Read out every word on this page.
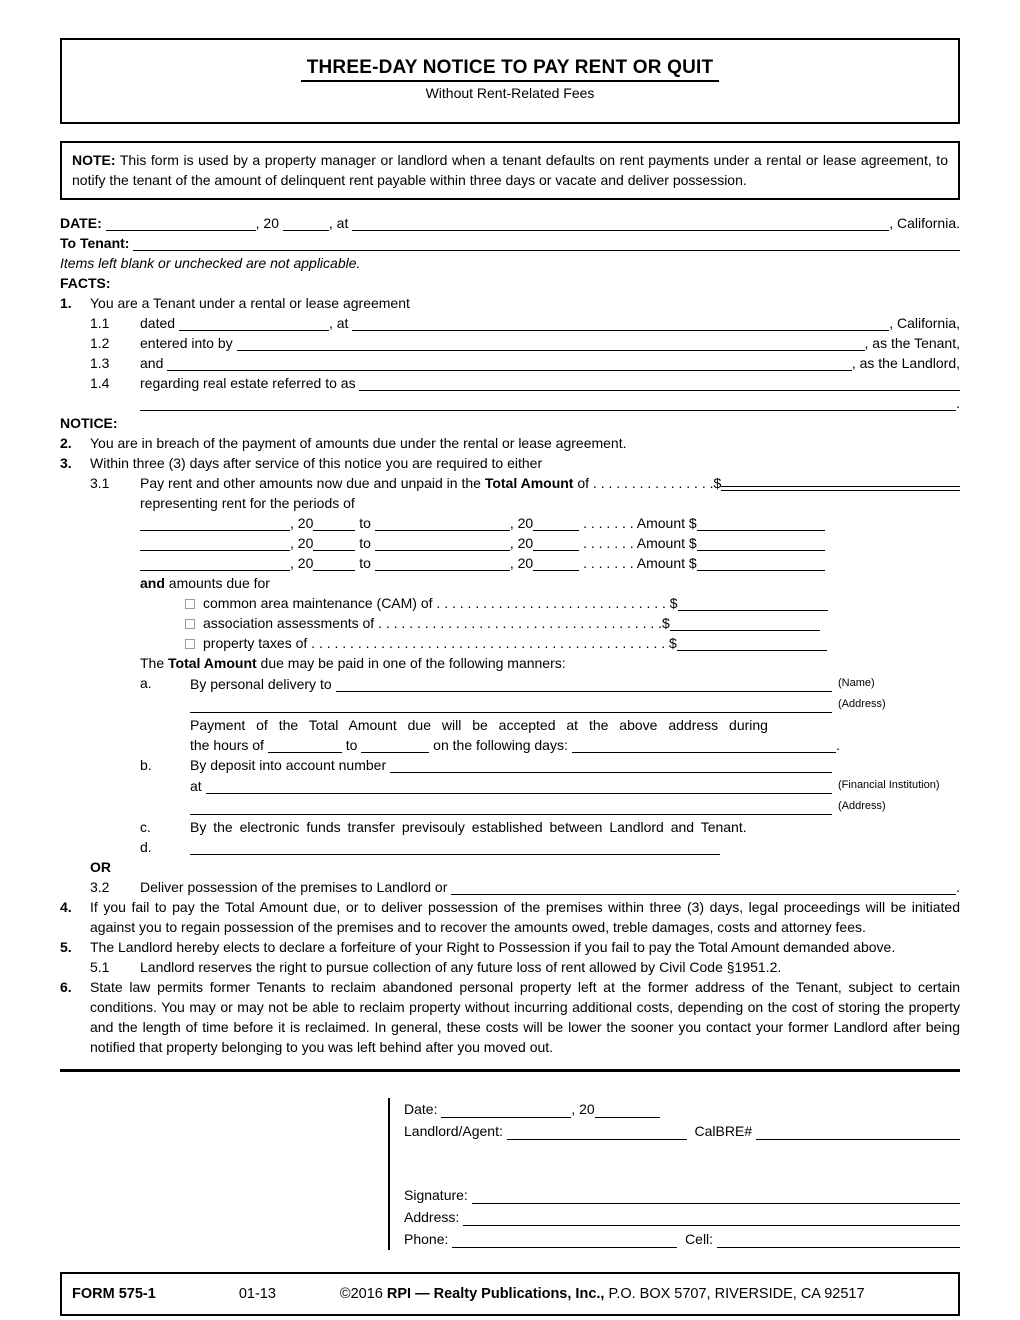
THREE-DAY NOTICE TO PAY RENT OR QUIT
Without Rent-Related Fees
NOTE: This form is used by a property manager or landlord when a tenant defaults on rent payments under a rental or lease agreement, to notify the tenant of the amount of delinquent rent payable within three days or vacate and deliver possession.
DATE:	, 20	, at	, California.
To Tenant:
Items left blank or unchecked are not applicable.
FACTS:
1.	You are a Tenant under a rental or lease agreement
1.1	dated	, at	, California,
1.2	entered into by	, as the Tenant,
1.3	and	, as the Landlord,
1.4	regarding real estate referred to as
.
NOTICE:
2.	You are in breach of the payment of amounts due under the rental or lease agreement.
3.	Within three (3) days after service of this notice you are required to either
3.1	Pay rent and other amounts now due and unpaid in the Total Amount of . . . . . . . . . . . . . . . .$
representing rent for the periods of
, 20	to	, 20	. . . . . . . Amount $
, 20	to	, 20	. . . . . . . Amount $
, 20	to	, 20	. . . . . . . Amount $
and amounts due for
common area maintenance (CAM) of . . . . . . . . . . . . . . . . . . . . . . . . . . . . . . $
association assessments of . . . . . . . . . . . . . . . . . . . . . . . . . . . . . . . . . . . . .$
property taxes of . . . . . . . . . . . . . . . . . . . . . . . . . . . . . . . . . . . . . . . . . . . . . . $
The Total Amount due may be paid in one of the following manners:
a.	By personal delivery to	(Name)
(Address)
Payment of the Total Amount due will be accepted at the above address during
the hours of	to	on the following days:	.
b.	By deposit into account number
at	(Financial Institution)
(Address)
c.	By the electronic funds transfer previsouly established between Landlord and Tenant.
d.
OR
3.2	Deliver possession of the premises to Landlord or	.
4.	If you fail to pay the Total Amount due, or to deliver possession of the premises within three (3) days, legal proceedings will be initiated against you to regain possession of the premises and to recover the amounts owed, treble damages, costs and attorney fees.
5.	The Landlord hereby elects to declare a forfeiture of your Right to Possession if you fail to pay the Total Amount demanded above.
5.1	Landlord reserves the right to pursue collection of any future loss of rent allowed by Civil Code §1951.2.
6.	State law permits former Tenants to reclaim abandoned personal property left at the former address of the Tenant, subject to certain conditions. You may or may not be able to reclaim property without incurring additional costs, depending on the cost of storing the property and the length of time before it is reclaimed. In general, these costs will be lower the sooner you contact your former Landlord after being notified that property belonging to you was left behind after you moved out.
Date:	, 20
Landlord/Agent:	CalBRE#
Signature:
Address:
Phone:	Cell:
FORM 575-1	01-13	©2016 RPI — Realty Publications, Inc., P.O. BOX 5707, RIVERSIDE, CA 92517
